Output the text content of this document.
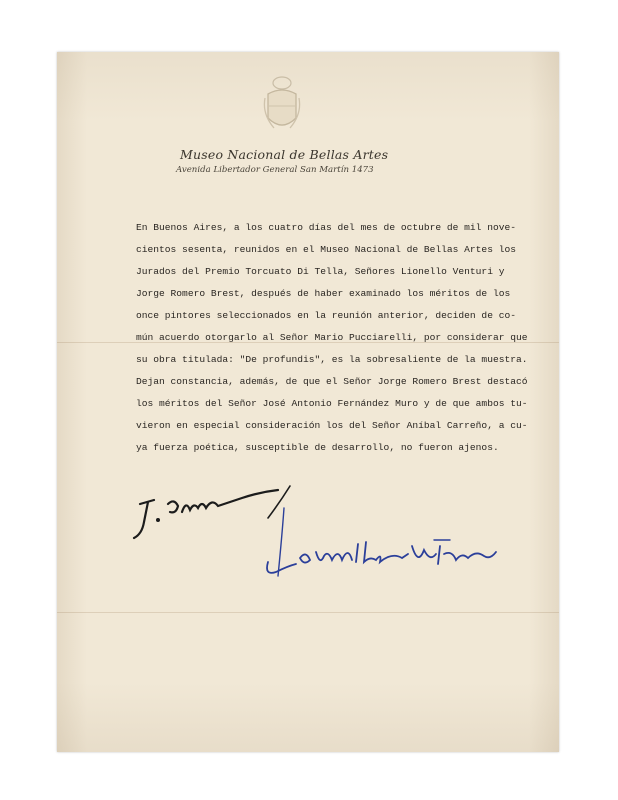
Museo Nacional de Bellas Artes
Avenida Libertador General San Martín 1473

En Buenos Aires, a los cuatro días del mes de octubre de mil nove-
cientos sesenta, reunidos en el Museo Nacional de Bellas Artes los
Jurados del Premio Torcuato Di Tella, Señores Lionello Venturi y
Jorge Romero Brest, después de haber examinado los méritos de los
once pintores seleccionados en la reunión anterior, deciden de co-
mún acuerdo otorgarlo al Señor Mario Pucciarelli, por considerar que
su obra titulada: "De profundis", es la sobresaliente de la muestra.
Dejan constancia, además, de que el Señor Jorge Romero Brest destacó
los méritos del Señor José Antonio Fernández Muro y de que ambos tu-
vieron en especial consideración los del Señor Aníbal Carreño, a cu-
ya fuerza poética, susceptible de desarrollo, no fueron ajenos.
